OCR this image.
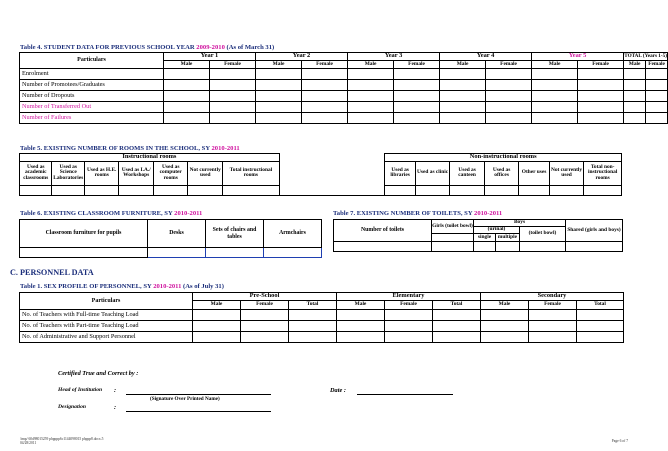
Table 4. STUDENT DATA FOR PREVIOUS SCHOOL YEAR 2009-2010 (As of March 31)
Particulars	Year 1		Year 2		Year 3		Year 4		Year 5		TOTAL (Years 1-5)	
	Male	Female	Male	Female	Male	Female	Male	Female	Male	Female	Male	Female
Enrolment												
Number of Promotees/Graduates												
Number of Dropouts												
Number of Transferred Out												
Number of Failures												
Table 5. EXISTING NUMBER OF ROOMS IN THE SCHOOL, SY 2010-2011
Instructional rooms								Non-instructional rooms						
Used as academic classrooms	Used as Science Laboratories	Used as H.E. rooms	Used as I.A./ Workshops	Used as computer rooms	Not currently used	Total instructional rooms		Used as libraries	Used as clinic	Used as canteen	Used as offices	Other uses	Not currently used	Total non-instructional rooms

Table 6. EXISTING CLASSROOM FURNITURE, SY 2010-2011
Classroom furniture for pupils	Desks	Sets of chairs and tables	Armchairs

Table 7. EXISTING NUMBER OF TOILETS, SY 2010-2011
Number of toilets	Girls (toilet bowl)	Boys			Shared (girls and boys)
		(urinal)		(toilet bowl)	
		single	multiple		

C. PERSONNEL DATA
Table 1. SEX PROFILE OF PERSONNEL, SY 2010-2011 (As of July 31)
Particulars	Pre-School			Elementary			Secondary		
	Male	Female	Total	Male	Female	Total	Male	Female	Total
No. of Teachers with Full-time Teaching Load									
No. of Teachers with Part-time Teaching Load									
No. of Administrative and Support Personnel									
Certified True and Correct by :
Head of Institution :
(Signature Over Printed Name)
Designation	:
Date :
/tmp/ 60d98015259 phpppp6c1144098015 phppp8.docx.5
04/28/2011
Page 6 of 7
